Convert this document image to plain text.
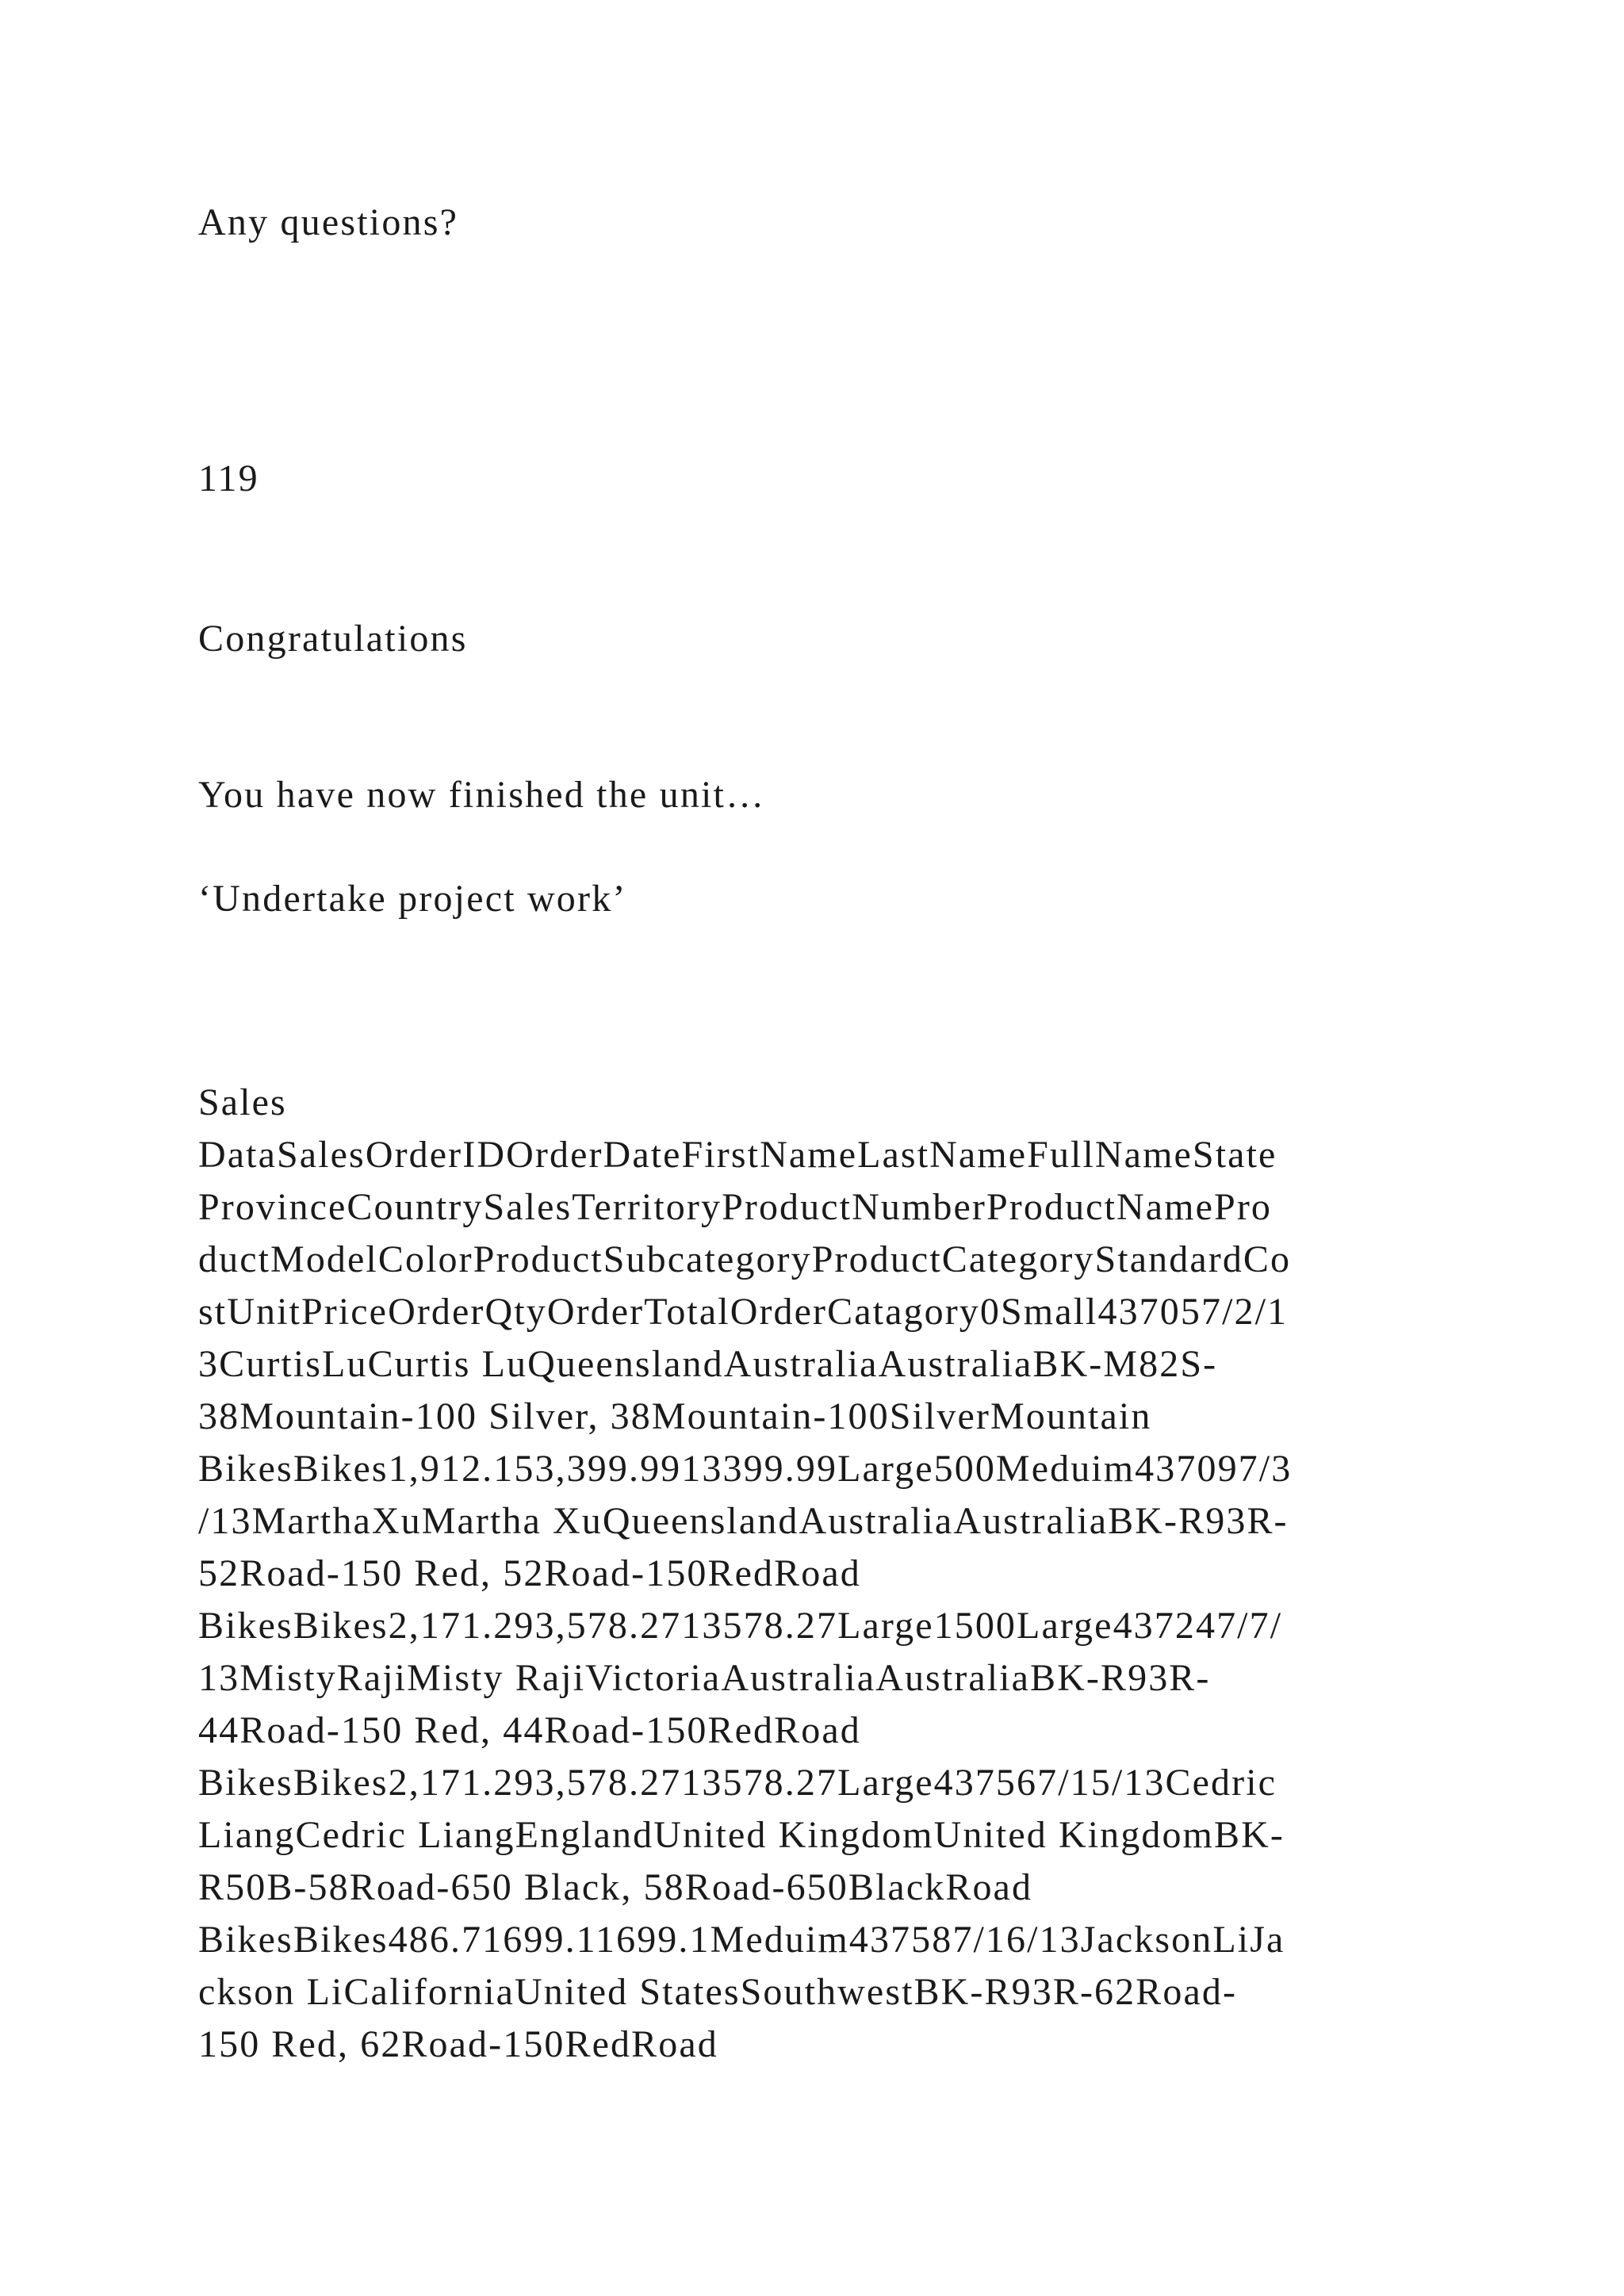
Any questions?

119

Congratulations

You have now finished the unit…

‘Undertake project work’

Sales
DataSalesOrderIDOrderDateFirstNameLastNameFullNameState
ProvinceCountrySalesTerritoryProductNumberProductNamePro
ductModelColorProductSubcategoryProductCategoryStandardCo
stUnitPriceOrderQtyOrderTotalOrderCatagory0Small437057/2/1
3CurtisLuCurtis LuQueenslandAustraliaAustraliaBK-M82S-
38Mountain-100 Silver, 38Mountain-100SilverMountain
BikesBikes1,912.153,399.9913399.99Large500Meduim437097/3
/13MarthaXuMartha XuQueenslandAustraliaAustraliaBK-R93R-
52Road-150 Red, 52Road-150RedRoad
BikesBikes2,171.293,578.2713578.27Large1500Large437247/7/
13MistyRajiMisty RajiVictoriaAustraliaAustraliaBK-R93R-
44Road-150 Red, 44Road-150RedRoad
BikesBikes2,171.293,578.2713578.27Large437567/15/13Cedric
LiangCedric LiangEnglandUnited KingdomUnited KingdomBK-
R50B-58Road-650 Black, 58Road-650BlackRoad
BikesBikes486.71699.11699.1Meduim437587/16/13JacksonLiJa
ckson LiCaliforniaUnited StatesSouthwestBK-R93R-62Road-
150 Red, 62Road-150RedRoad
